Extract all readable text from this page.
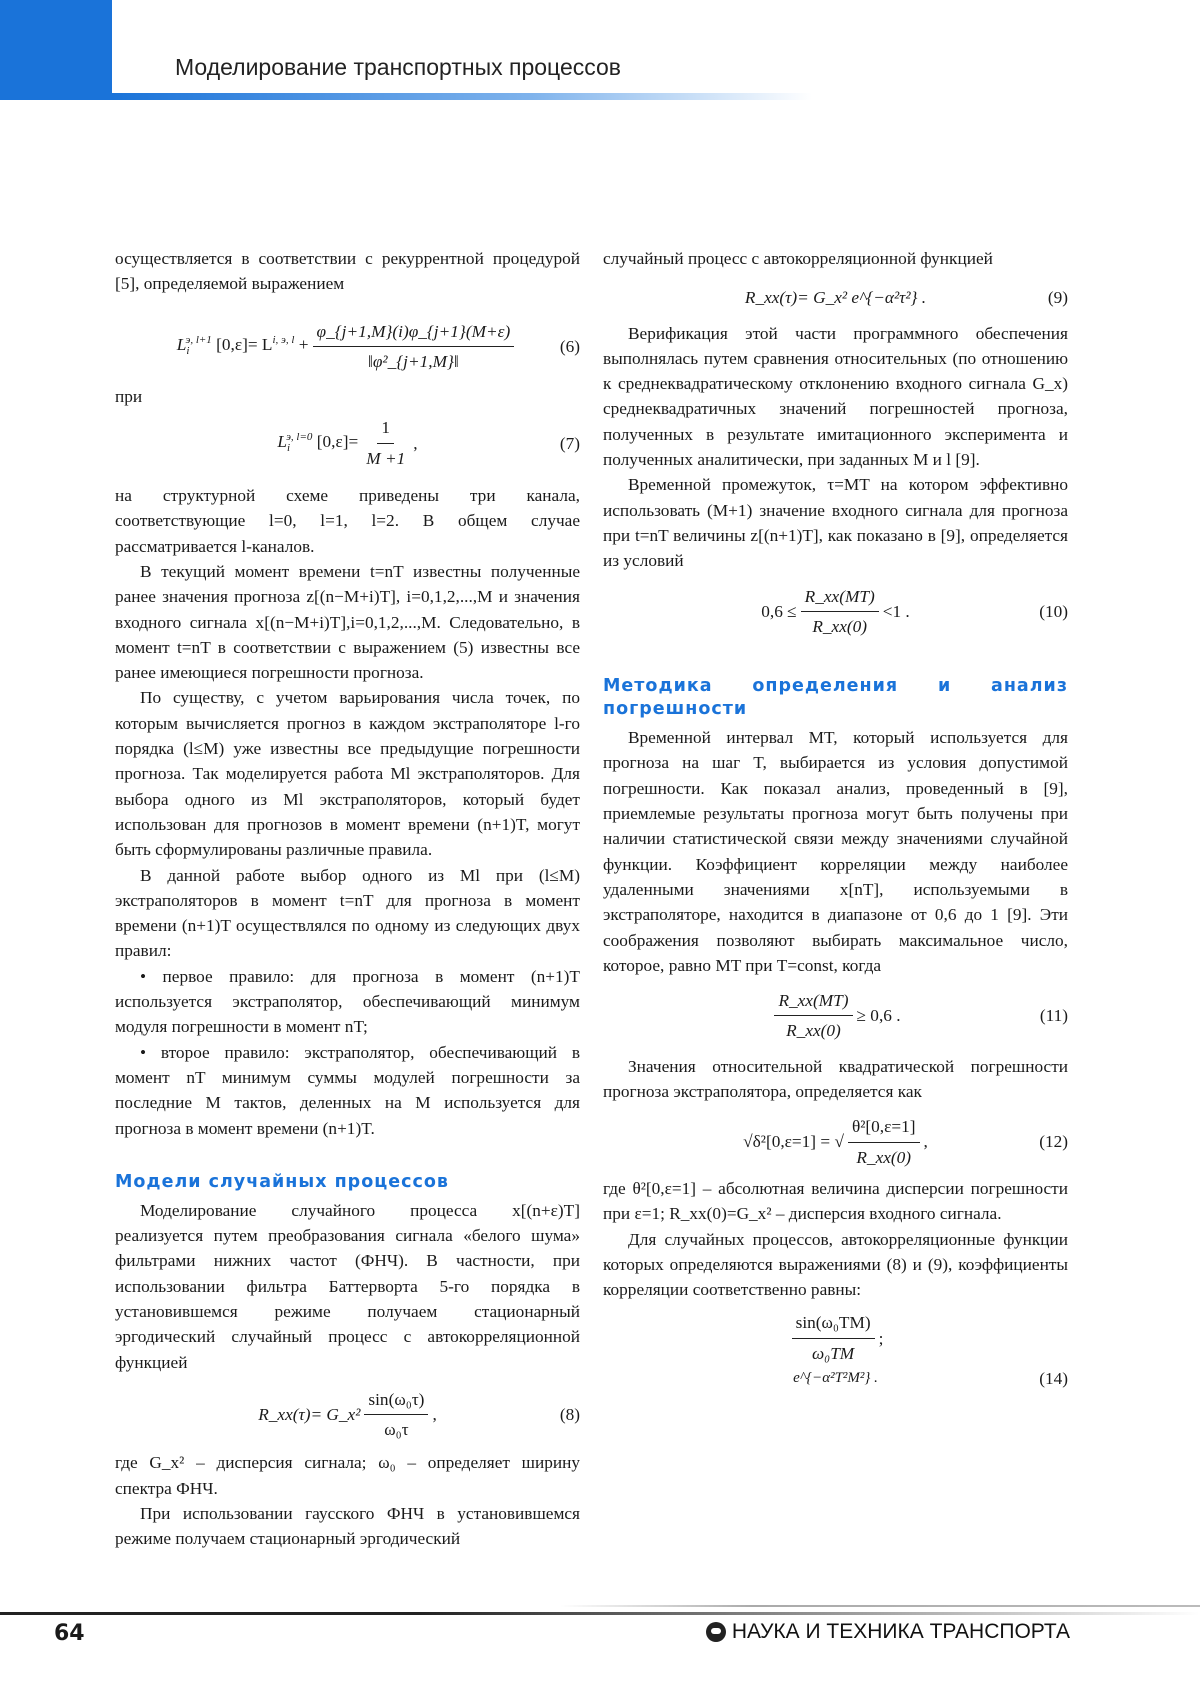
Моделирование транспортных процессов

осуществляется в соответствии с рекуррентной процедурой [5], определяемой выражением

$L_i^{э, l+1}$ $[0,\varepsilon]= L^{i, э, l} + \frac{\varphi\_\{j+1,M\}(i)\varphi\_\{j+1\}(M+\varepsilon)}{\text{‖φ²\_\{j+1,M\}‖}}$	(6)

при

$L_i^{э, l=0}$ $[0,\varepsilon]= \frac{1}{M +1}$ ,	(7)

на структурной схеме приведены три канала, соответствующие l=0, l=1, l=2. В общем случае рассматривается l-каналов.

В текущий момент времени t=nT известны полученные ранее значения прогноза z[(n−M+i)T], i=0,1,2,...,M и значения входного сигнала x[(n−M+i)T],i=0,1,2,...,M. Следовательно, в момент t=nT в соответствии с выражением (5) известны все ранее имеющиеся погрешности прогноза.

По существу, с учетом варьирования числа точек, по которым вычисляется прогноз в каждом экстраполяторе l-го порядка (l≤M) уже известны все предыдущие погрешности прогноза. Так моделируется работа Ml экстраполяторов. Для выбора одного из Ml экстраполяторов, который будет использован для прогнозов в момент времени (n+1)T, могут быть сформулированы различные правила.

В данной работе выбор одного из Ml при (l≤M) экстраполяторов в момент t=nT для прогноза в момент времени (n+1)T осуществлялся по одному из следующих двух правил:

• первое правило: для прогноза в момент (n+1)T используется экстраполятор, обеспечивающий минимум модуля погрешности в момент nT;

• второе правило: экстраполятор, обеспечивающий в момент nT минимум суммы модулей погрешности за последние M тактов, деленных на M используется для прогноза в момент времени (n+1)T.

Модели случайных процессов

Моделирование случайного процесса x[(n+ε)T] реализуется путем преобразования сигнала «белого шума» фильтрами нижних частот (ФНЧ). В частности, при использовании фильтра Баттерворта 5-го порядка в установившемся режиме получаем стационарный эргодический случайный процесс с автокорреляционной функцией

R_xx(τ)= G_x² $\frac{\text{sin(ω₀τ)}}{\text{ω₀τ}}$ ,	(8)

где G_x² – дисперсия сигнала; ω₀ – определяет ширину спектра ФНЧ.

При использовании гаусского ФНЧ в установившемся режиме получаем стационарный эргодический

случайный процесс с автокорреляционной функцией

R_xx(τ)= G_x² e^{−α²τ²} .	(9)

Верификация этой части программного обеспечения выполнялась путем сравнения относительных (по отношению к среднеквадратическому отклонению входного сигнала G_x) среднеквадратичных значений погрешностей прогноза, полученных в результате имитационного эксперимента и полученных аналитически, при заданных M и l [9].

Временной промежуток, τ=MT на котором эффективно использовать (M+1) значение входного сигнала для прогноза при t=nT величины z[(n+1)T], как показано в [9], определяется из условий

$0,6 \le \frac{R\_xx(MT)}{R\_xx(0)} <1$ .	(10)

Методика определения и анализ погрешности

Временной интервал MT, который используется для прогноза на шаг T, выбирается из условия допустимой погрешности. Как показал анализ, проведенный в [9], приемлемые результаты прогноза могут быть получены при наличии статистической связи между значениями случайной функции. Коэффициент корреляции между наиболее удаленными значениями x[nT], используемыми в экстраполяторе, находится в диапазоне от 0,6 до 1 [9]. Эти соображения позволяют выбирать максимальное число, которое, равно MT при T=const, когда

$\frac{R\_xx(MT)}{R\_xx(0)} \ge 0,6$ .	(11)

Значения относительной квадратической погрешности прогноза экстраполятора, определяется как

√δ²[0,ε=1] = √ $\frac{\text{θ²[0,ε=1]}}{R\_xx(0)}$ ,	(12)

где θ²[0,ε=1] – абсолютная величина дисперсии погрешности при ε=1; R_xx(0)=G_x² – дисперсия входного сигнала.

Для случайных процессов, автокорреляционные функции которых определяются выражениями (8) и (9), коэффициенты корреляции соответственно равны:

$\frac{\text{sin(ω₀TM)}}{\text{ω₀TM}}$ ;
e^{−α²T²M²} .	(14)
64	НАУКА И ТЕХНИКА ТРАНСПОРТА
